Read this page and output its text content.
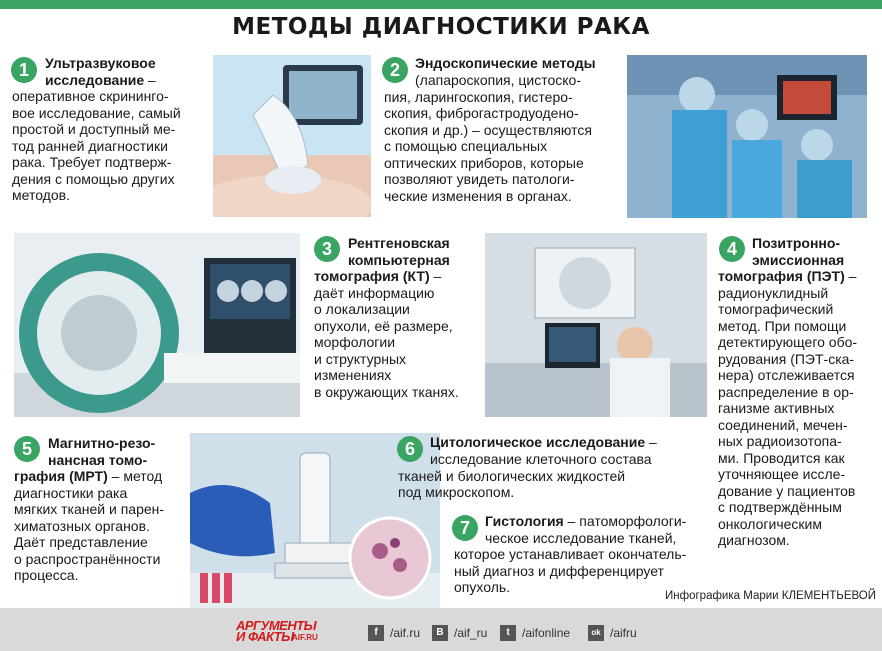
МЕТОДЫ ДИАГНОСТИКИ РАКА
1	Ультразвуковое
исследование –
оперативное скрининго-
вое исследование, самый
простой и доступный ме-
тод ранней диагностики
рака. Требует подтверж-
дения с помощью других
методов.
2	Эндоскопические методы
(лапароскопия, цистоско-
пия, ларингоскопия, гистеро-
скопия, фиброгастродуодено-
скопия и др.) – осуществляются
с помощью специальных
оптических приборов, которые
позволяют увидеть патологи-
ческие изменения в органах.
3	Рентгеновская
компьютерная
томография (КТ) –
даёт информацию
о локализации
опухоли, её размере,
морфологии
и структурных
изменениях
в окружающих тканях.
4	Позитронно-
эмиссионная
томография (ПЭТ) –
радионуклидный
томографический
метод. При помощи
детектирующего обо-
рудования (ПЭТ-ска-
нера) отслеживается
распределение в ор-
ганизме активных
соединений, мечен-
ных радиоизотопа-
ми. Проводится как
уточняющее иссле-
дование у пациентов
с подтверждённым
онкологическим
диагнозом.
5	Магнитно-резо-
нансная томо-
графия (МРТ) – метод
диагностики рака
мягких тканей и парен-
химатозных органов.
Даёт представление
о распространённости
процесса.
6	Цитологическое исследование –
исследование клеточного состава
тканей и биологических жидкостей
под микроскопом.
7	Гистология – патоморфологи-
ческое исследование тканей,
которое устанавливает окончатель-
ный диагноз и дифференцирует
опухоль.
Инфографика Марии КЛЕМЕНТЬЕВОЙ
АРГУМЕНТЫ
И ФАКТЫ
AIF.RU	f	/aif.ru	B /aif_ru	t	/aifonline	ok /aifru
